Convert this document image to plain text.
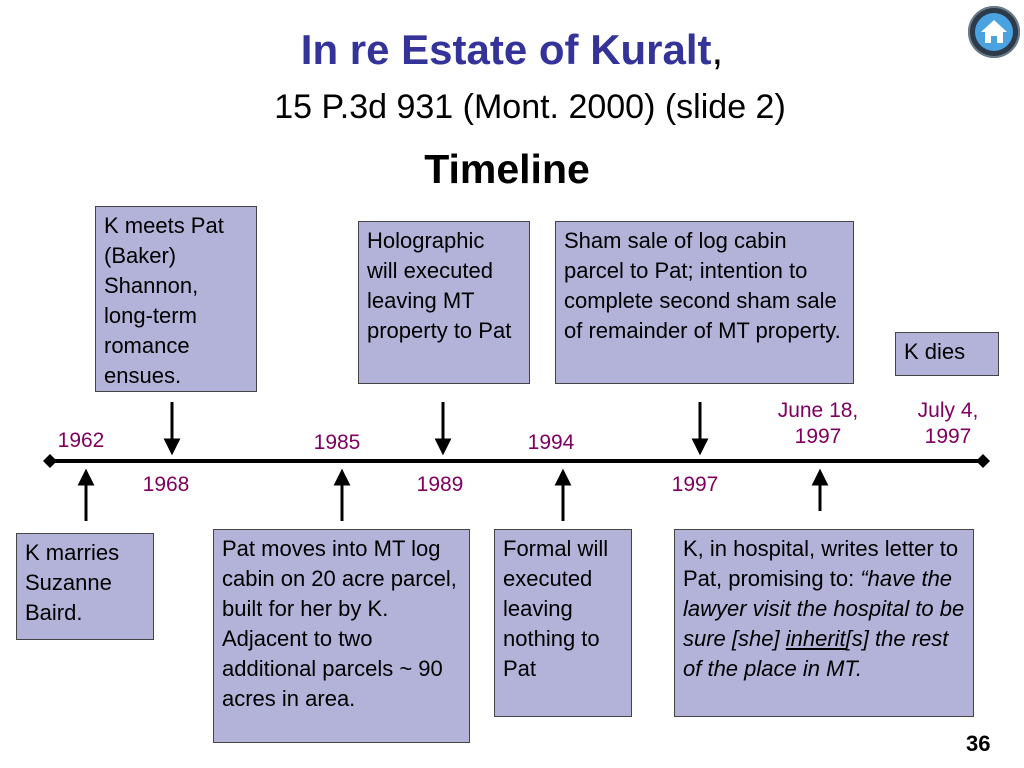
In re Estate of Kuralt,
15 P.3d 931 (Mont. 2000) (slide 2)
Timeline
1962
1968
1985
1989
1994
1997
June 18,
1997
July 4,
1997
K meets Pat (Baker) Shannon, long-term romance ensues.
Holographic will executed leaving MT property to Pat
Sham sale of log cabin parcel to Pat; intention to complete second sham sale of remainder of MT property.
K dies
K marries Suzanne Baird.
Pat moves into MT log cabin on 20 acre parcel, built for her by K. Adjacent to two additional parcels ~ 90 acres in area.
Formal will executed leaving nothing to Pat
K, in hospital, writes letter to Pat, promising to: “have the lawyer visit the hospital to be sure [she] inherit[s] the rest of the place in MT.
36
